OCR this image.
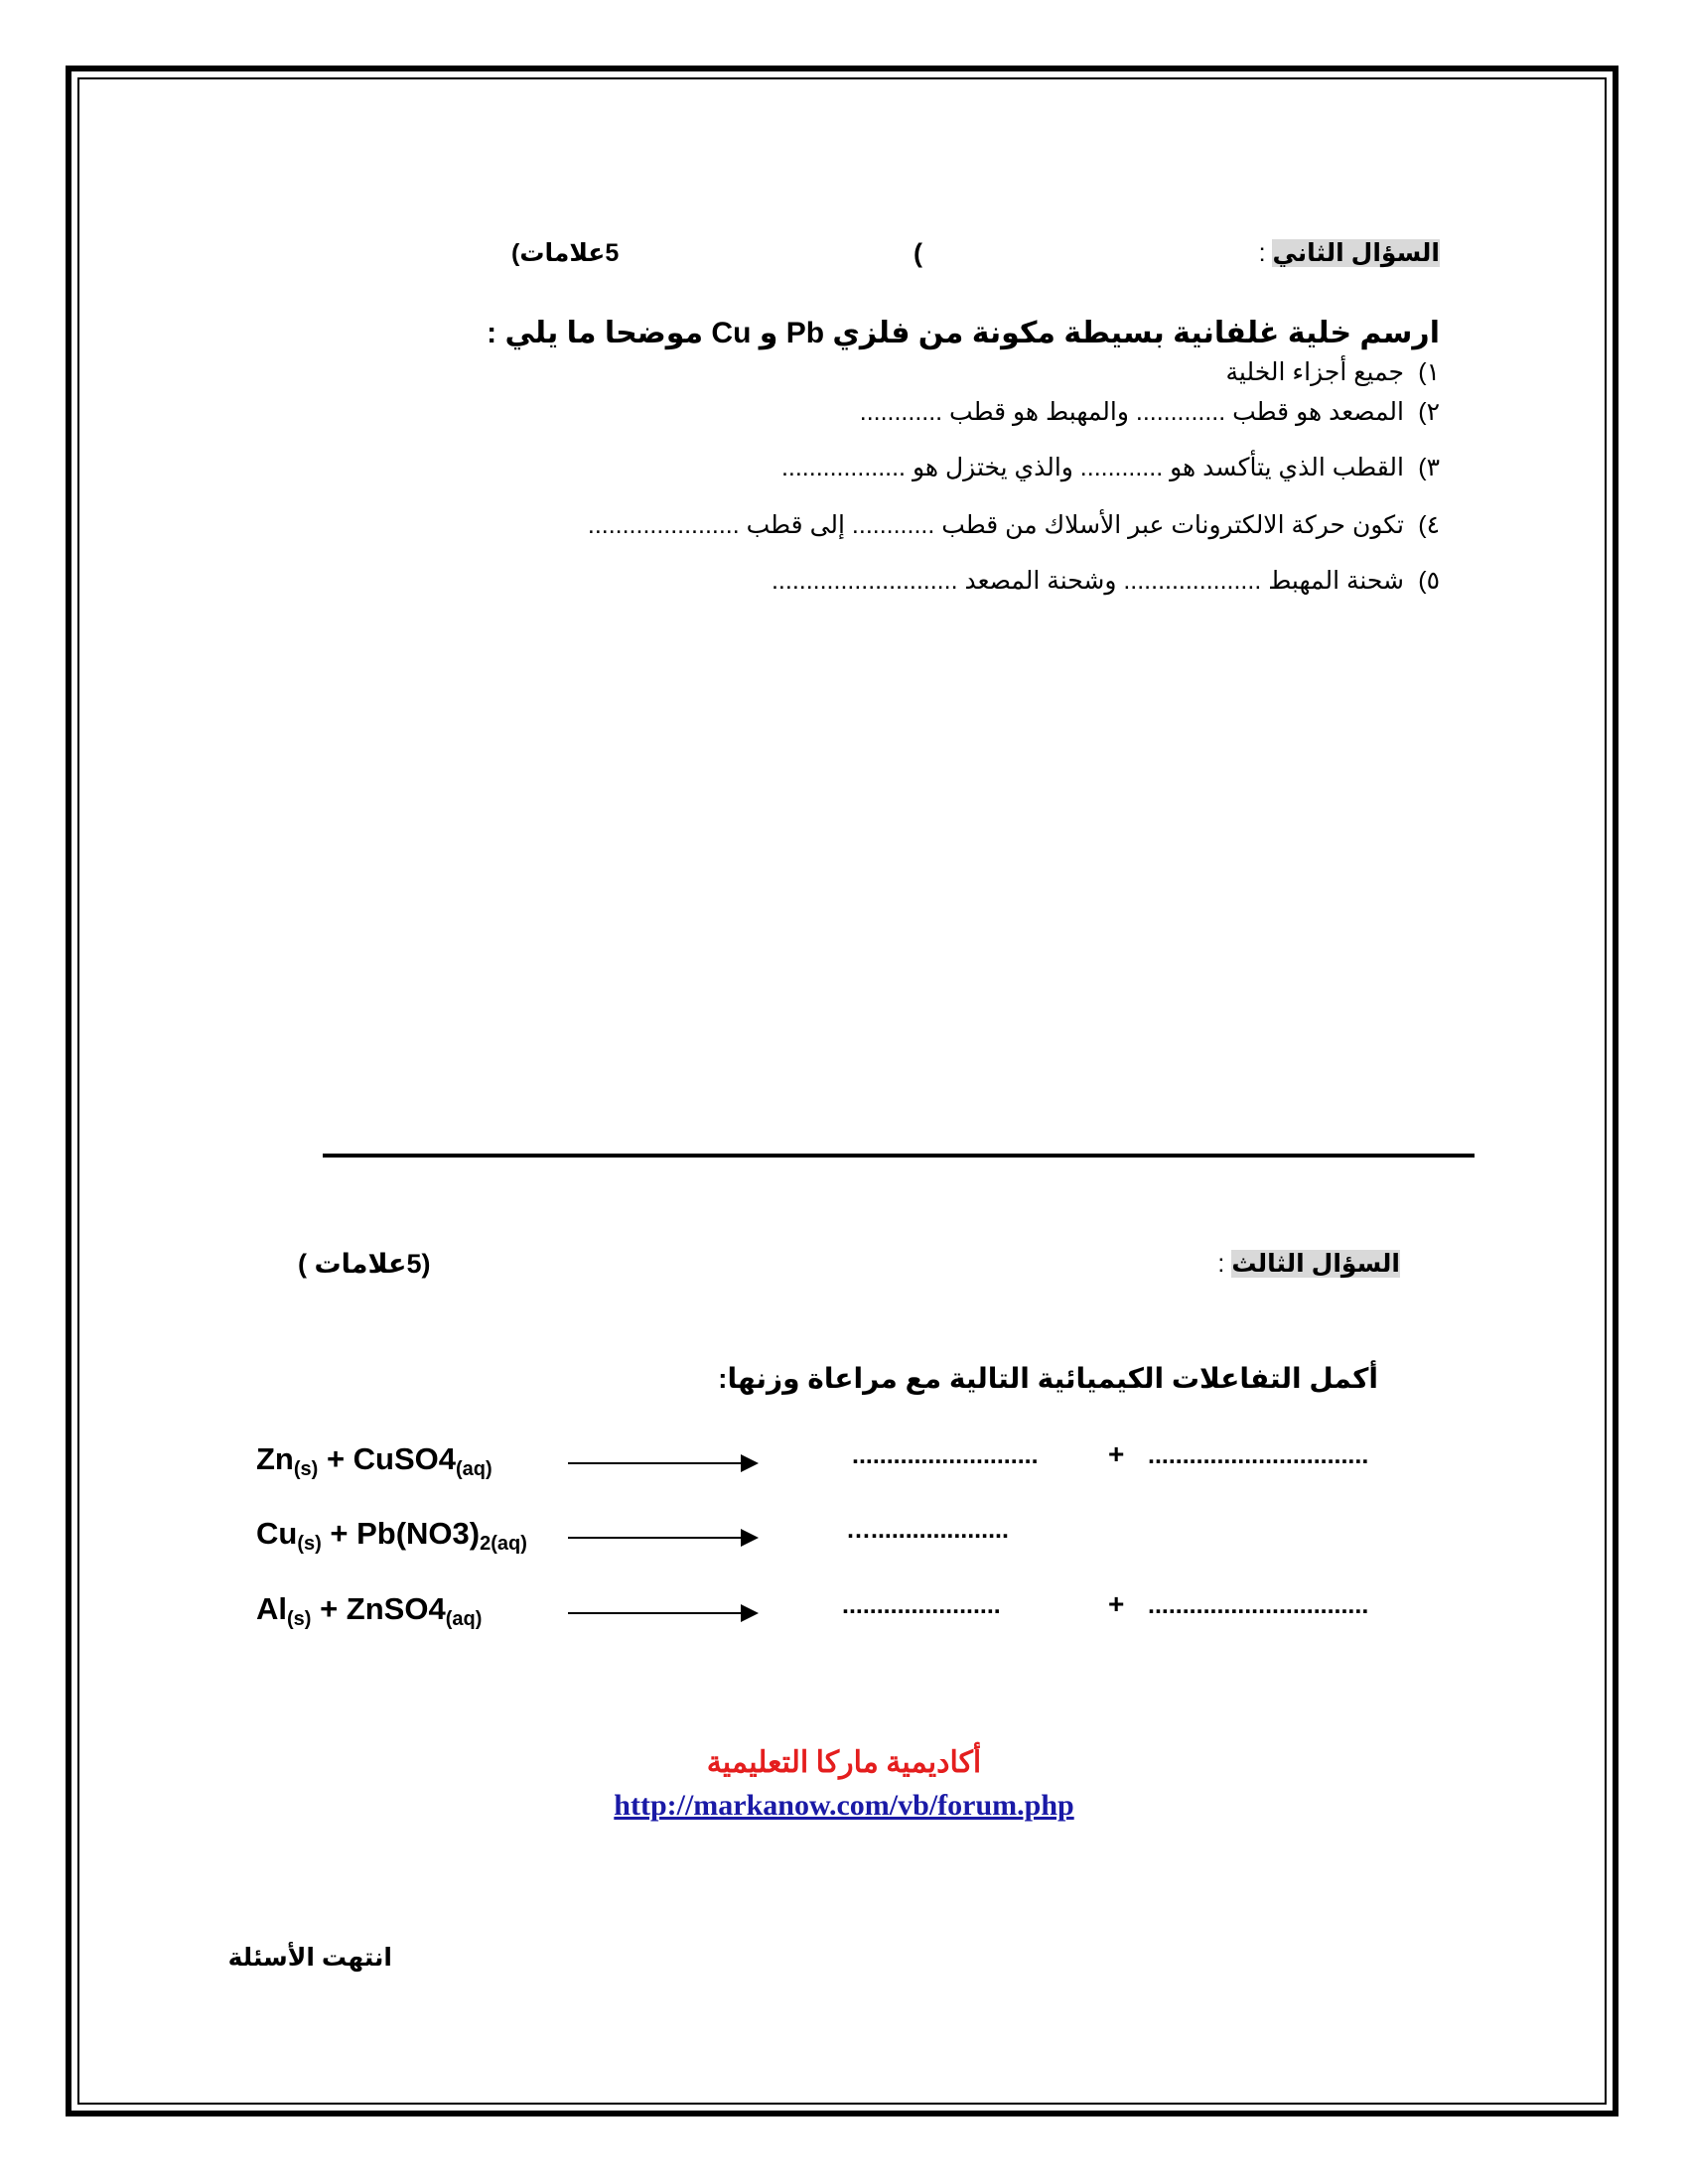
السؤال الثاني :
(
5علامات)
ارسم خلية غلفانية بسيطة مكونة من فلزي Pb و Cu موضحا ما يلي :
١)جميع أجزاء الخلية
٢)المصعد هو قطب ............. والمهبط هو قطب ............
٣)القطب الذي يتأكسد هو ............ والذي يختزل هو ..................
٤)تكون حركة الالكترونات عبر الأسلاك من قطب ............ إلى قطب ......................
٥)شحنة المهبط .................... وشحنة المصعد ...........................
السؤال الثالث :
(5علامات )
أكمل التفاعلات الكيميائية التالية مع مراعاة وزنها:
$Zn_{(s)}$ + $CuSO4_{(aq)}$	...........................	+ ................................
$Cu_{(s)} + Pb(NO3)_{2(aq)}$	…....................
$Al_{(s)}$ + $ZnSO4_{(aq)}$	.......................	+ ................................
أكاديمية ماركا التعليمية
http://markanow.com/vb/forum.php
انتهت الأسئلة
